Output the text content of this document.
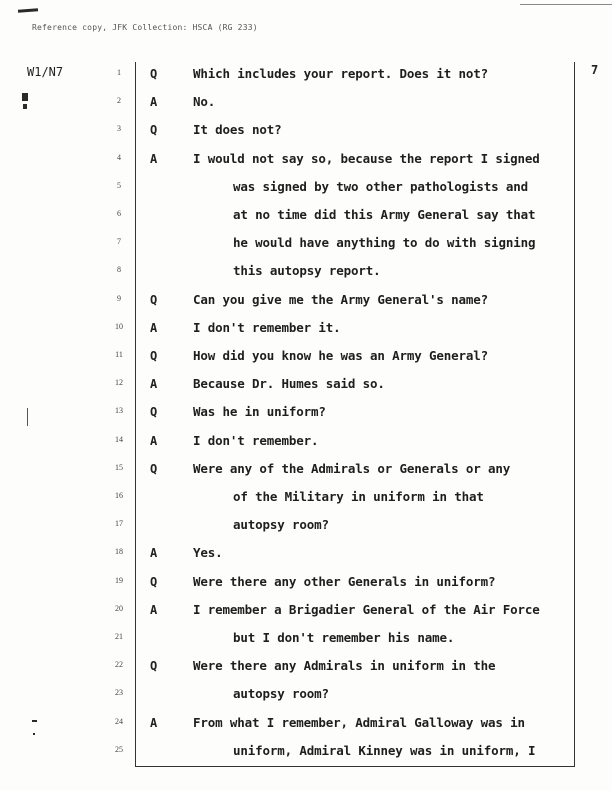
Reference copy, JFK Collection: HSCA (RG 233)
W1/N7	7
1	Q	Which includes your report. Does it not?
2	A	No.
3	Q	It does not?
4	A	I would not say so, because the report I signed
5	was signed by two other pathologists and
6	at no time did this Army General say that
7	he would have anything to do with signing
8	this autopsy report.
9	Q	Can you give me the Army General's name?
10	A	I don't remember it.
11	Q	How did you know he was an Army General?
12	A	Because Dr. Humes said so.
13	Q	Was he in uniform?
14	A	I don't remember.
15	Q	Were any of the Admirals or Generals or any
16	of the Military in uniform in that
17	autopsy room?
18	A	Yes.
19	Q	Were there any other Generals in uniform?
20	A	I remember a Brigadier General of the Air Force
21	but I don't remember his name.
22	Q	Were there any Admirals in uniform in the
23	autopsy room?
24	A	From what I remember, Admiral Galloway was in
25	uniform, Admiral Kinney was in uniform, I
